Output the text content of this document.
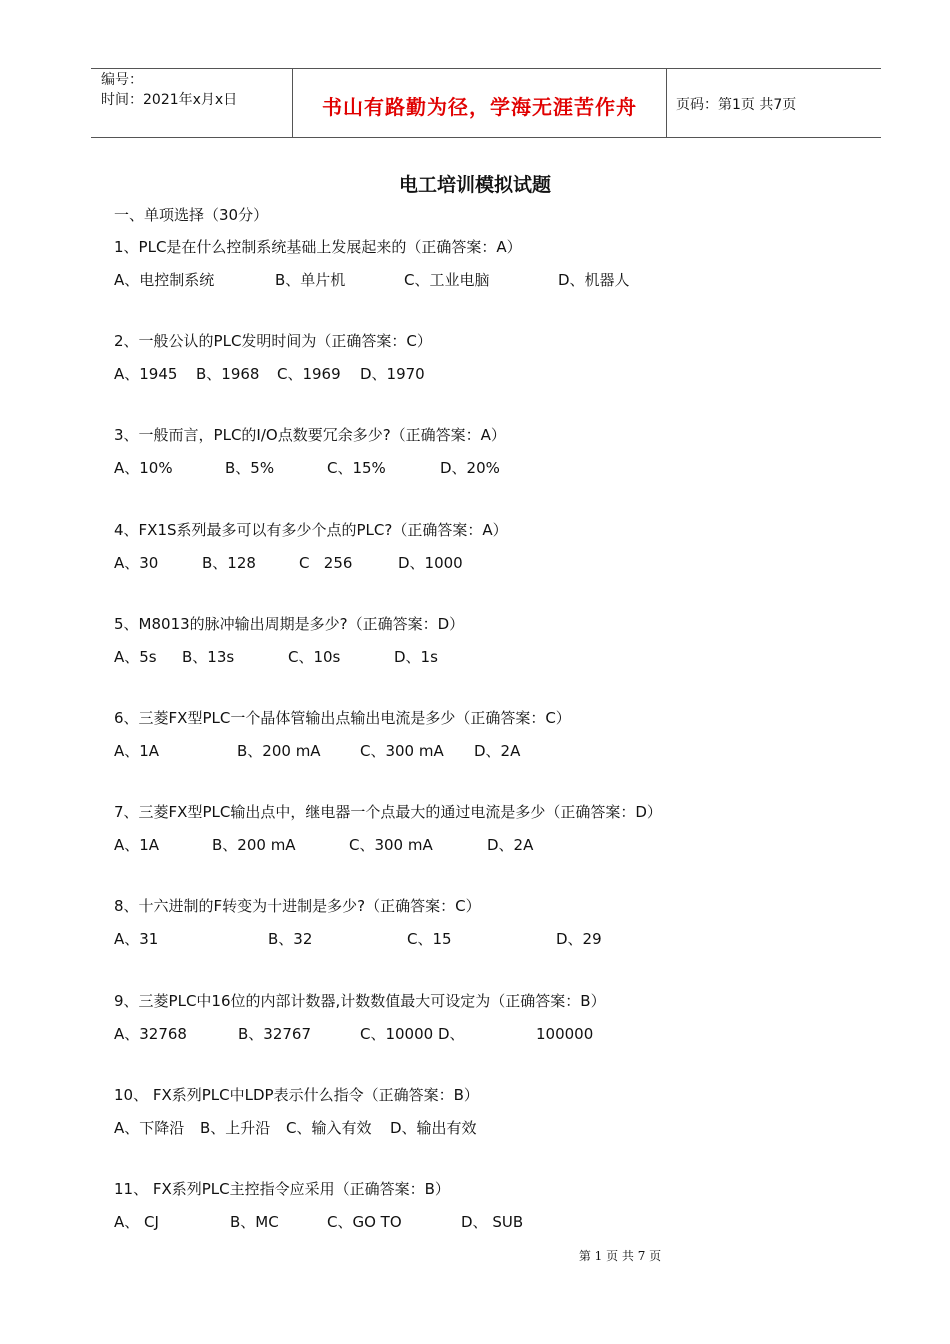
编号：
时间：2021年x月x日	书山有路勤为径，学海无涯苦作舟	页码：第1页 共7页
电工培训模拟试题
一、单项选择（30分）
1、PLC是在什么控制系统基础上发展起来的（正确答案：A）
A、电控制系统	B、单片机	C、工业电脑	D、机器人
2、一般公认的PLC发明时间为（正确答案：C）
A、1945 B、1968 C、1969 D、1970
3、一般而言，PLC的I/O点数要冗余多少?（正确答案：A）
A、10%	B、5%	C、15%	D、20%
4、FX1S系列最多可以有多少个点的PLC?（正确答案：A）
A、30	B、128	C   256	D、1000
5、M8013的脉冲输出周期是多少?（正确答案：D）
A、5s B、13s	C、10s	D、1s
6、三菱FX型PLC一个晶体管输出点输出电流是多少（正确答案：C）
A、1A	B、200 mA	C、300 mA D、2A
7、三菱FX型PLC输出点中，继电器一个点最大的通过电流是多少（正确答案：D）
A、1A	B、200 mA	C、300 mA	D、2A
8、十六进制的F转变为十进制是多少?（正确答案：C）
A、31	B、32	C、15	D、29
9、三菱PLC中16位的内部计数器,计数数值最大可设定为（正确答案：B）
A、32768	B、32767	C、10000 D、	100000
10、 FX系列PLC中LDP表示什么指令（正确答案：B）
A、下降沿 B、上升沿 C、输入有效 D、输出有效
11、 FX系列PLC主控指令应采用（正确答案：B）
A、 CJ	B、MC	C、GO TO	D、 SUB
第 1 页 共 7 页
